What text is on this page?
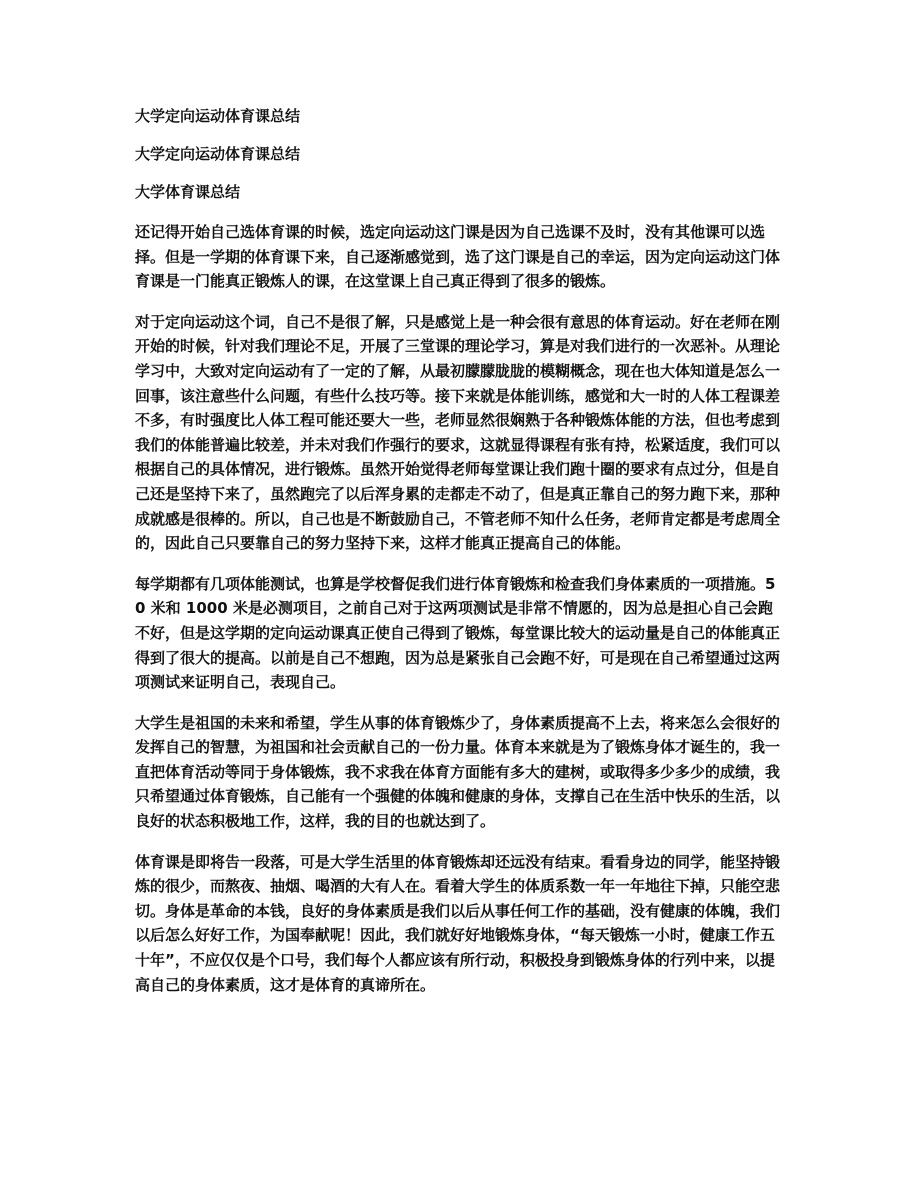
大学定向运动体育课总结
大学定向运动体育课总结
大学体育课总结

还记得开始自己选体育课的时候，选定向运动这门课是因为自己选课不及时，没有其他课可以选择。但是一学期的体育课下来，自己逐渐感觉到，选了这门课是自己的幸运，因为定向运动这门体育课是一门能真正锻炼人的课，在这堂课上自己真正得到了很多的锻炼。

对于定向运动这个词，自己不是很了解，只是感觉上是一种会很有意思的体育运动。好在老师在刚开始的时候，针对我们理论不足，开展了三堂课的理论学习，算是对我们进行的一次恶补。从理论学习中，大致对定向运动有了一定的了解，从最初朦朦胧胧的模糊概念，现在也大体知道是怎么一回事，该注意些什么问题，有些什么技巧等。接下来就是体能训练，感觉和大一时的人体工程课差不多，有时强度比人体工程可能还要大一些，老师显然很娴熟于各种锻炼体能的方法，但也考虑到我们的体能普遍比较差，并未对我们作强行的要求，这就显得课程有张有持，松紧适度，我们可以根据自己的具体情况，进行锻炼。虽然开始觉得老师每堂课让我们跑十圈的要求有点过分，但是自己还是坚持下来了，虽然跑完了以后浑身累的走都走不动了，但是真正靠自己的努力跑下来，那种成就感是很棒的。所以，自己也是不断鼓励自己，不管老师不知什么任务，老师肯定都是考虑周全的，因此自己只要靠自己的努力坚持下来，这样才能真正提高自己的体能。

每学期都有几项体能测试，也算是学校督促我们进行体育锻炼和检查我们身体素质的一项措施。50 米和 1000 米是必测项目，之前自己对于这两项测试是非常不情愿的，因为总是担心自己会跑不好，但是这学期的定向运动课真正使自己得到了锻炼，每堂课比较大的运动量是自己的体能真正得到了很大的提高。以前是自己不想跑，因为总是紧张自己会跑不好，可是现在自己希望通过这两项测试来证明自己，表现自己。

大学生是祖国的未来和希望，学生从事的体育锻炼少了，身体素质提高不上去，将来怎么会很好的发挥自己的智慧，为祖国和社会贡献自己的一份力量。体育本来就是为了锻炼身体才诞生的，我一直把体育活动等同于身体锻炼，我不求我在体育方面能有多大的建树，或取得多少多少的成绩，我只希望通过体育锻炼，自己能有一个强健的体魄和健康的身体，支撑自己在生活中快乐的生活，以良好的状态积极地工作，这样，我的目的也就达到了。

体育课是即将告一段落，可是大学生活里的体育锻炼却还远没有结束。看看身边的同学，能坚持锻炼的很少，而熬夜、抽烟、喝酒的大有人在。看着大学生的体质系数一年一年地往下掉，只能空悲切。身体是革命的本钱，良好的身体素质是我们以后从事任何工作的基础，没有健康的体魄，我们以后怎么好好工作，为国奉献呢！因此，我们就好好地锻炼身体，“每天锻炼一小时，健康工作五十年”，不应仅仅是个口号，我们每个人都应该有所行动，积极投身到锻炼身体的行列中来，以提高自己的身体素质，这才是体育的真谛所在。
